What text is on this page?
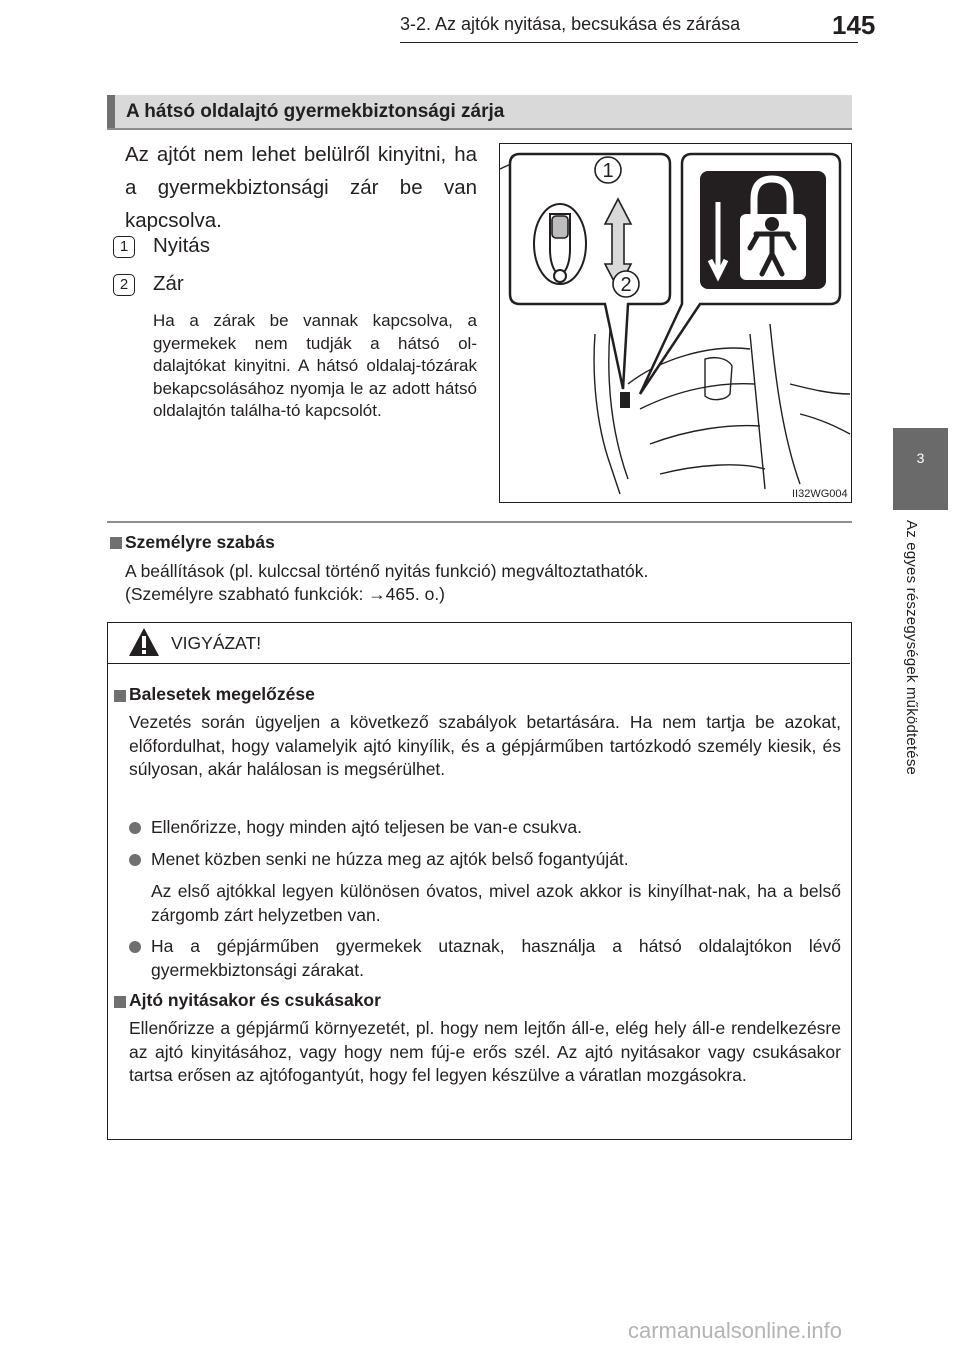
3-2. Az ajtók nyitása, becsukása és zárása	145
3
Az egyes részegységek működtetése
A hátsó oldalajtó gyermekbiztonsági zárja
Az ajtót nem lehet belülről kinyitni, ha a gyermekbiztonsági zár be van kapcsolva.
1	Nyitás
2	Zár
Ha a zárak be vannak kapcsolva, a gyermekek nem tudják a hátsó ol-dalajtókat kinyitni. A hátsó oldalaj-tózárak bekapcsolásához nyomja le az adott hátsó oldalajtón találha-tó kapcsolót.
1
2
II32WG004
Személyre szabás
A beállítások (pl. kulccsal történő nyitás funkció) megváltoztathatók.
(Személyre szabható funkciók: →465. o.)
VIGYÁZAT!
Balesetek megelőzése
Vezetés során ügyeljen a következő szabályok betartására. Ha nem tartja be azokat, előfordulhat, hogy valamelyik ajtó kinyílik, és a gépjárműben tartózkodó személy kiesik, és súlyosan, akár halálosan is megsérülhet.
Ellenőrizze, hogy minden ajtó teljesen be van-e csukva.
Menet közben senki ne húzza meg az ajtók belső fogantyúját.
Az első ajtókkal legyen különösen óvatos, mivel azok akkor is kinyílhat-nak, ha a belső zárgomb zárt helyzetben van.
Ha a gépjárműben gyermekek utaznak, használja a hátsó oldalajtókon lévő gyermekbiztonsági zárakat.
Ajtó nyitásakor és csukásakor
Ellenőrizze a gépjármű környezetét, pl. hogy nem lejtőn áll-e, elég hely áll-e rendelkezésre az ajtó kinyitásához, vagy hogy nem fúj-e erős szél. Az ajtó nyitásakor vagy csukásakor tartsa erősen az ajtófogantyút, hogy fel legyen készülve a váratlan mozgásokra.
carmanualsonline.info
